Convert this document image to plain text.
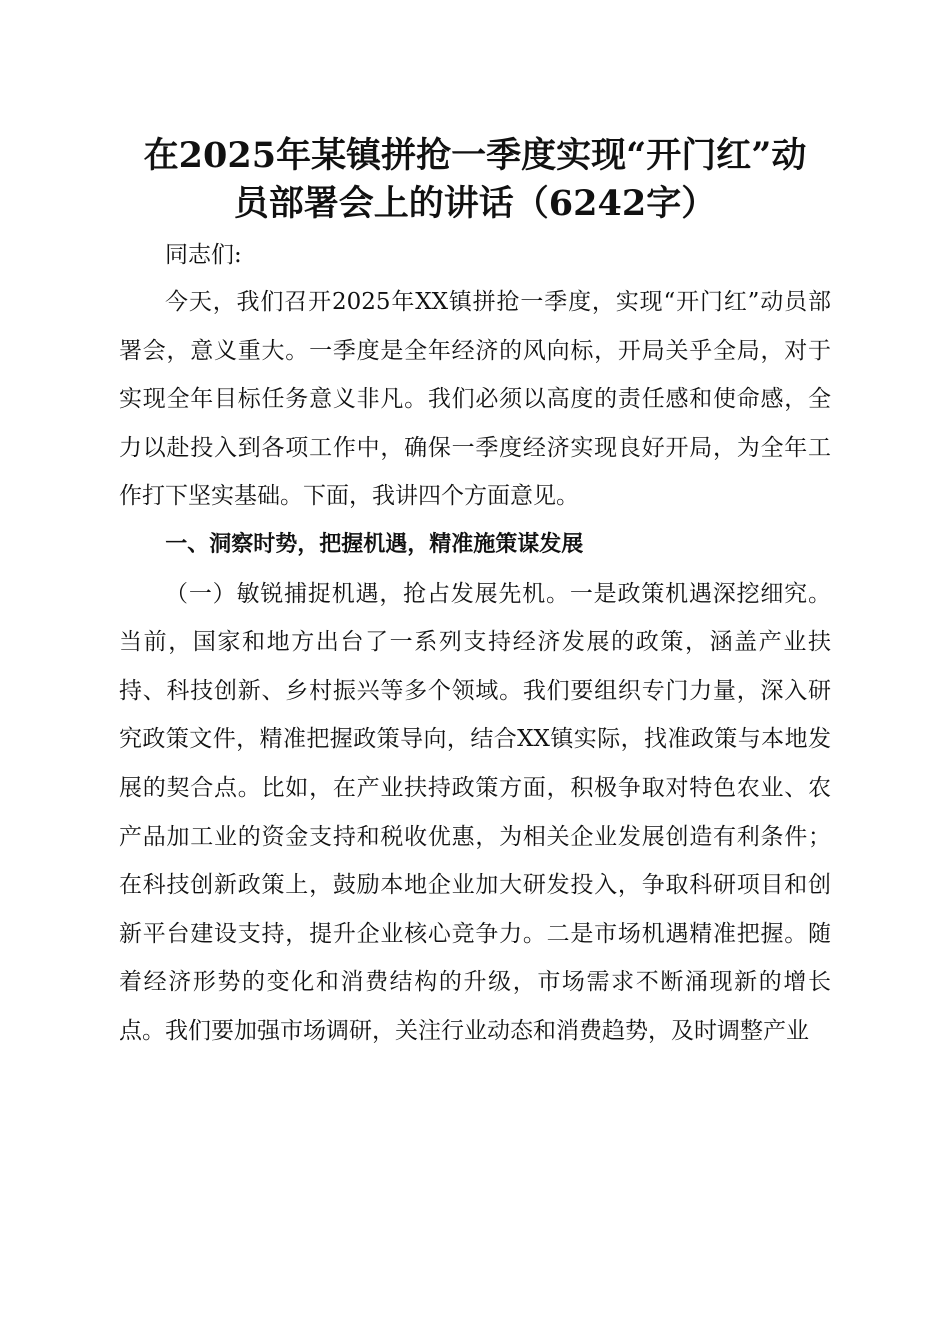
在2025年某镇拼抢一季度实现“开门红”动
员部署会上的讲话（6242字）

同志们:

今天，我们召开2025年XX镇拼抢一季度，实现“开门红”动员部署会，意义重大。一季度是全年经济的风向标，开局关乎全局，对于实现全年目标任务意义非凡。我们必须以高度的责任感和使命感，全力以赴投入到各项工作中，确保一季度经济实现良好开局，为全年工作打下坚实基础。下面，我讲四个方面意见。

一、洞察时势，把握机遇，精准施策谋发展

（一）敏锐捕捉机遇，抢占发展先机。一是政策机遇深挖细究。当前，国家和地方出台了一系列支持经济发展的政策，涵盖产业扶持、科技创新、乡村振兴等多个领域。我们要组织专门力量，深入研究政策文件，精准把握政策导向，结合XX镇实际，找准政策与本地发展的契合点。比如，在产业扶持政策方面，积极争取对特色农业、农产品加工业的资金支持和税收优惠，为相关企业发展创造有利条件；在科技创新政策上，鼓励本地企业加大研发投入，争取科研项目和创新平台建设支持，提升企业核心竞争力。二是市场机遇精准把握。随着经济形势的变化和消费结构的升级，市场需求不断涌现新的增长点。我们要加强市场调研，关注行业动态和消费趋势，及时调整产业
